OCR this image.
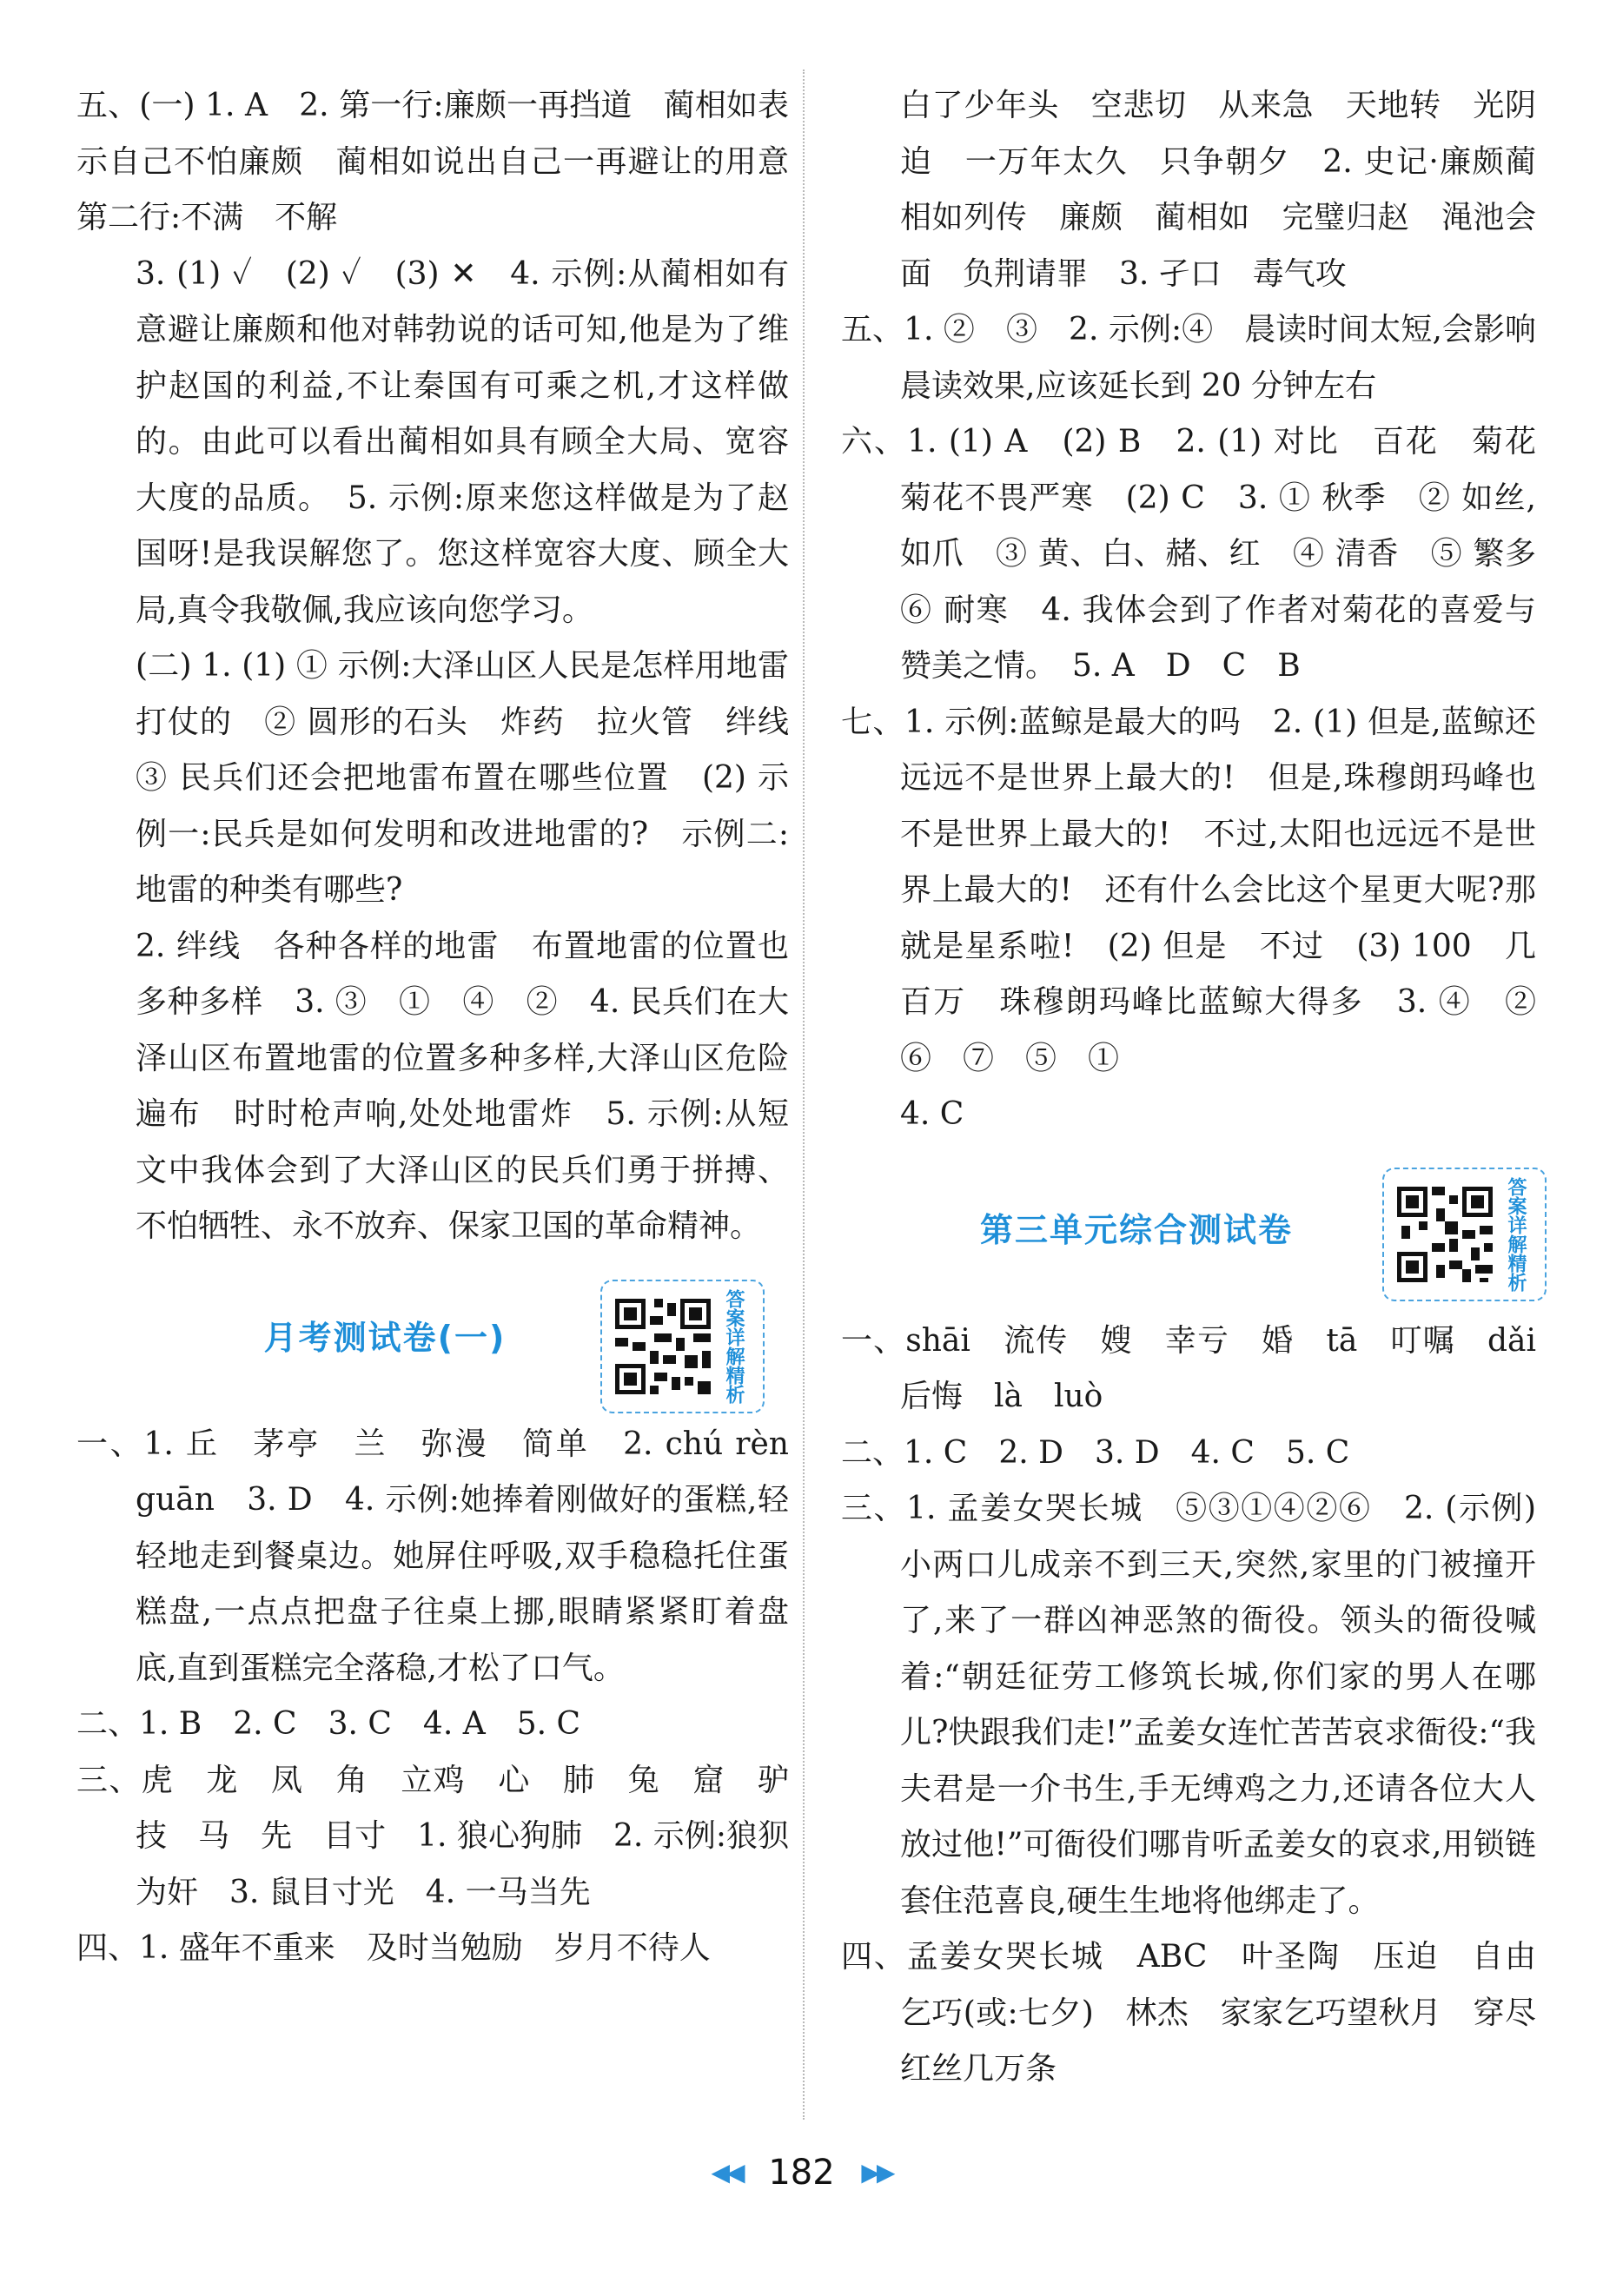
五、(一) 1. A　2. 第一行:廉颇一再挡道　蔺相如表示自己不怕廉颇　蔺相如说出自己一再避让的用意　第二行:不满　不解

3. (1) ✓　(2) ✓　(3) ✕　4. 示例:从蔺相如有意避让廉颇和他对韩勃说的话可知,他是为了维护赵国的利益,不让秦国有可乘之机,才这样做的。由此可以看出蔺相如具有顾全大局、宽容大度的品质。　5. 示例:原来您这样做是为了赵国呀!是我误解您了。您这样宽容大度、顾全大局,真令我敬佩,我应该向您学习。

(二) 1. (1) ① 示例:大泽山区人民是怎样用地雷打仗的　② 圆形的石头　炸药　拉火管　绊线　③ 民兵们还会把地雷布置在哪些位置　(2) 示例一:民兵是如何发明和改进地雷的?　示例二:地雷的种类有哪些?

2. 绊线　各种各样的地雷　布置地雷的位置也多种多样　3. ③　①　④　②　4. 民兵们在大泽山区布置地雷的位置多种多样,大泽山区危险遍布　时时枪声响,处处地雷炸　5. 示例:从短文中我体会到了大泽山区的民兵们勇于拼搏、不怕牺牲、永不放弃、保家卫国的革命精神。

月考测试卷(一)	答案详解精析

一、1. 丘　茅亭　兰　弥漫　简单　2. chú rèn　guān　3. D　4. 示例:她捧着刚做好的蛋糕,轻轻地走到餐桌边。她屏住呼吸,双手稳稳托住蛋糕盘,一点点把盘子往桌上挪,眼睛紧紧盯着盘底,直到蛋糕完全落稳,才松了口气。

二、1. B　2. C　3. C　4. A　5. C

三、虎　龙　凤　角　立鸡　心　肺　兔　窟　驴技　马　先　目寸　1. 狼心狗肺　2. 示例:狼狈为奸　3. 鼠目寸光　4. 一马当先

四、1. 盛年不重来　及时当勉励　岁月不待人

白了少年头　空悲切　从来急　天地转　光阴迫　一万年太久　只争朝夕　2. 史记·廉颇蔺相如列传　廉颇　蔺相如　完璧归赵　渑池会面　负荆请罪　3. 孑口　毒气攻

五、1. ②　③　2. 示例:④　晨读时间太短,会影响晨读效果,应该延长到 20 分钟左右

六、1. (1) A　(2) B　2. (1) 对比　百花　菊花　菊花不畏严寒　(2) C　3. ① 秋季　② 如丝,如爪　③ 黄、白、赭、红　④ 清香　⑤ 繁多　⑥ 耐寒　4. 我体会到了作者对菊花的喜爱与赞美之情。　5. A　D　C　B

七、1. 示例:蓝鲸是最大的吗　2. (1) 但是,蓝鲸还远远不是世界上最大的!　但是,珠穆朗玛峰也不是世界上最大的!　不过,太阳也远远不是世界上最大的!　还有什么会比这个星更大呢?那就是星系啦!　(2) 但是　不过　(3) 100　几百万　珠穆朗玛峰比蓝鲸大得多　3. ④　②　⑥　⑦　⑤　①

4. C

第三单元综合测试卷	答案详解精析

一、shāi　流传　嫂　幸亏　婚　tā　叮嘱　dǎi　后悔　là　luò

二、1. C　2. D　3. D　4. C　5. C

三、1. 孟姜女哭长城　⑤③①④②⑥　2. (示例)小两口儿成亲不到三天,突然,家里的门被撞开了,来了一群凶神恶煞的衙役。领头的衙役喊着:“朝廷征劳工修筑长城,你们家的男人在哪儿?快跟我们走!”孟姜女连忙苦苦哀求衙役:“我夫君是一介书生,手无缚鸡之力,还请各位大人放过他!”可衙役们哪肯听孟姜女的哀求,用锁链套住范喜良,硬生生地将他绑走了。

四、孟姜女哭长城　ABC　叶圣陶　压迫　自由　乞巧(或:七夕)　林杰　家家乞巧望秋月　穿尽红丝几万条

◀◀ 182 ▶▶
